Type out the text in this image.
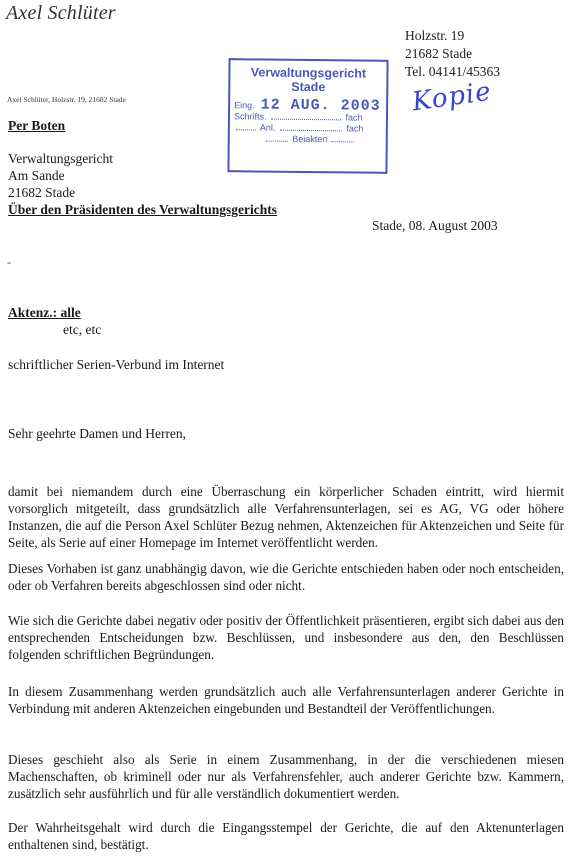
Axel Schlüter
Holzstr. 19
21682 Stade
Tel. 04141/45363
Verwaltungsgericht
Stade
Eing. 12 AUG. 2003
Schrifts.	fach
Anl.	fach
Beiakten
Kopie
Axel Schlüter, Holzstr. 19, 21682 Stade
Per Boten
Verwaltungsgericht
Am Sande
21682 Stade
Über den Präsidenten des Verwaltungsgerichts
Stade, 08. August 2003
-
Aktenz.: alle
etc, etc
schriftlicher Serien-Verbund im Internet
Sehr geehrte Damen und Herren,
damit bei niemandem durch eine Überraschung ein körperlicher Schaden eintritt, wird hiermit vorsorglich mitgeteilt, dass grundsätzlich alle Verfahrensunterlagen, sei es AG, VG oder höhere Instanzen, die auf die Person Axel Schlüter Bezug nehmen, Aktenzeichen für Aktenzeichen und Seite für Seite, als Serie auf einer Homepage im Internet veröffentlicht werden.
Dieses Vorhaben ist ganz unabhängig davon, wie die Gerichte entschieden haben oder noch entscheiden, oder ob Verfahren bereits abgeschlossen sind oder nicht.
Wie sich die Gerichte dabei negativ oder positiv der Öffentlichkeit präsentieren, ergibt sich dabei aus den entsprechenden Entscheidungen bzw. Beschlüssen, und insbesondere aus den, den Beschlüssen folgenden schriftlichen Begründungen.
In diesem Zusammenhang werden grundsätzlich auch alle Verfahrensunterlagen anderer Gerichte in Verbindung mit anderen Aktenzeichen eingebunden und Bestandteil der Veröffentlichungen.
Dieses geschieht also als Serie in einem Zusammenhang, in der die verschiedenen miesen Machenschaften, ob kriminell oder nur als Verfahrensfehler, auch anderer Gerichte bzw. Kammern, zusätzlich sehr ausführlich und für alle verständlich dokumentiert werden.
Der Wahrheitsgehalt wird durch die Eingangsstempel der Gerichte, die auf den Aktenunterlagen enthaltenen sind, bestätigt.
